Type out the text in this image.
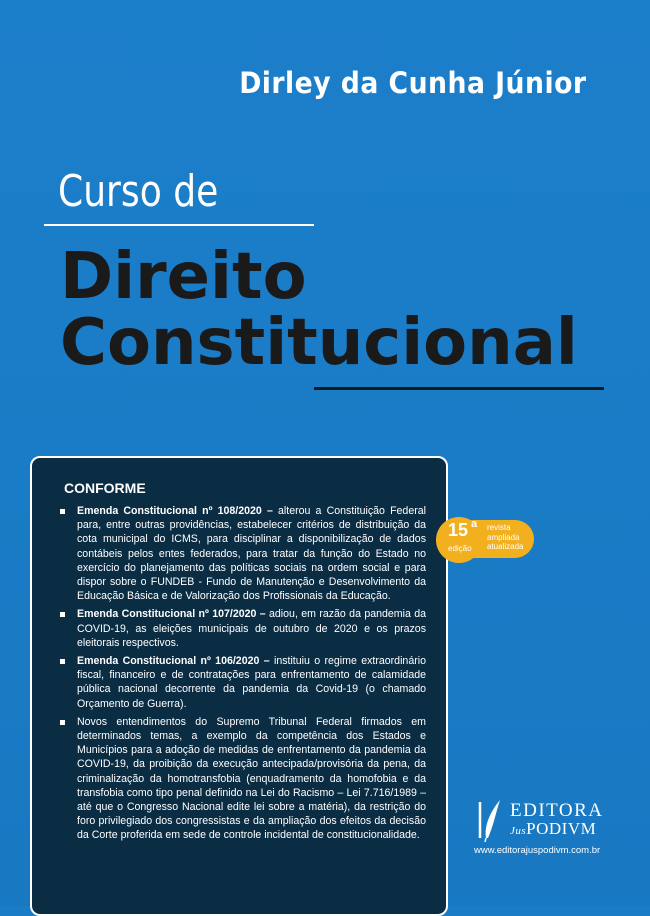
Dirley da Cunha Júnior
Curso de
Direito
Constitucional
CONFORME
Emenda Constitucional nº 108/2020 – alterou a Constituição Federal para, entre outras providências, estabelecer critérios de distribuição da cota municipal do ICMS, para disciplinar a disponibilização de dados contábeis pelos entes federados, para tratar da função do Estado no exercício do planejamento das políticas sociais na ordem social e para dispor sobre o FUNDEB - Fundo de Manutenção e Desenvolvimento da Educação Básica e de Valorização dos Profissionais da Educação.
Emenda Constitucional nº 107/2020 – adiou, em razão da pandemia da COVID-19, as eleições municipais de outubro de 2020 e os prazos eleitorais respectivos.
Emenda Constitucional nº 106/2020 – instituiu o regime extraordinário fiscal, financeiro e de contratações para enfrentamento de calamidade pública nacional decorrente da pandemia da Covid-19 (o chamado Orçamento de Guerra).
Novos entendimentos do Supremo Tribunal Federal firmados em determinados temas, a exemplo da competência dos Estados e Municípios para a adoção de medidas de enfrentamento da pandemia da COVID-19, da proibição da execução antecipada/provisória da pena, da criminalização da homotransfobia (enquadramento da homofobia e da transfobia como tipo penal definido na Lei do Racismo – Lei 7.716/1989 – até que o Congresso Nacional edite lei sobre a matéria), da restrição do foro privilegiado dos congressistas e da ampliação dos efeitos da decisão da Corte proferida em sede de controle incidental de constitucionalidade.
15 a
edição
revista
ampliada
atualizada
EDITORA
JusPODIVM
www.editorajuspodivm.com.br
